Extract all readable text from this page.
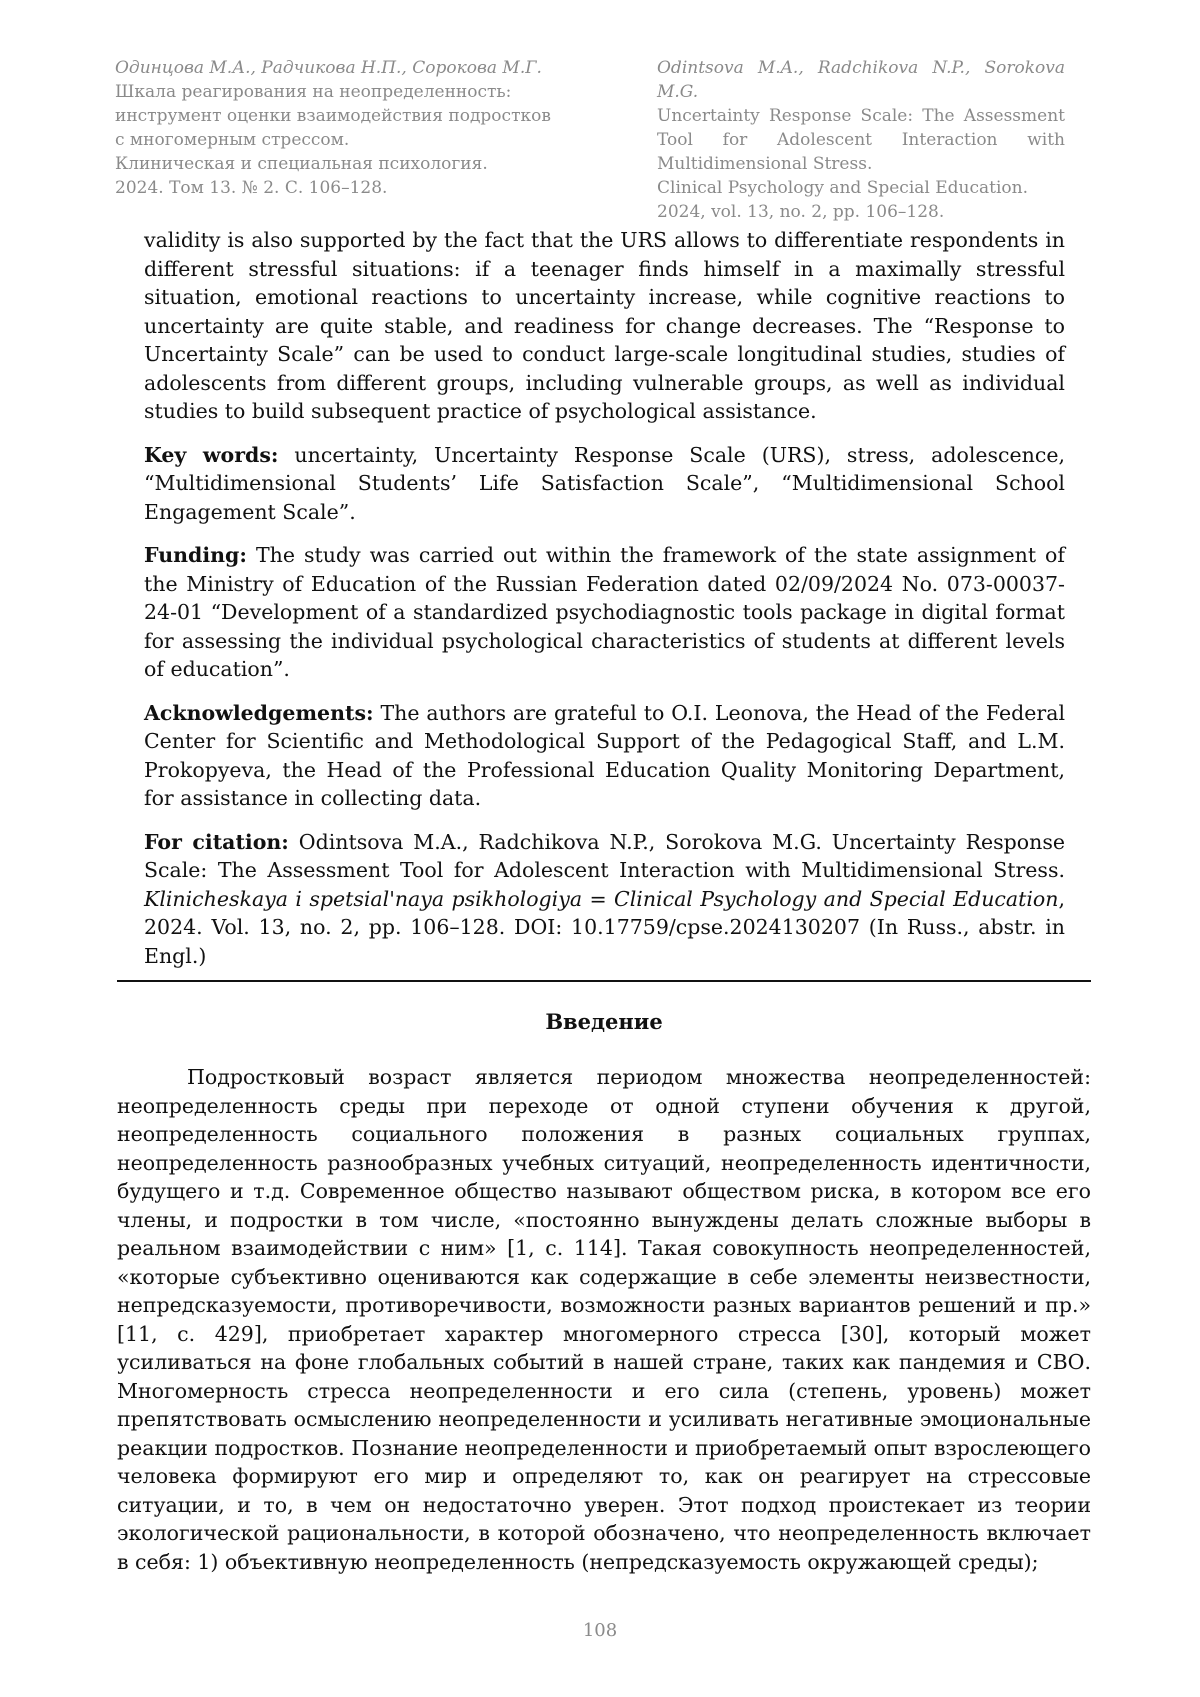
Одинцова М.А., Радчикова Н.П., Сорокова М.Г.
Шкала реагирования на неопределенность:
инструмент оценки взаимодействия подростков
с многомерным стрессом.
Клиническая и специальная психология.
2024. Том 13. № 2. С. 106–128.
Odintsova M.A., Radchikova N.P., Sorokova M.G.
Uncertainty Response Scale: The Assessment Tool for Adolescent Interaction with Multidimensional Stress.
Clinical Psychology and Special Education.
2024, vol. 13, no. 2, pp. 106–128.

validity is also supported by the fact that the URS allows to differentiate respondents in different stressful situations: if a teenager finds himself in a maximally stressful situation, emotional reactions to uncertainty increase, while cognitive reactions to uncertainty are quite stable, and readiness for change decreases. The “Response to Uncertainty Scale” can be used to conduct large-scale longitudinal studies, studies of adolescents from different groups, including vulnerable groups, as well as individual studies to build subsequent practice of psychological assistance.

Key words: uncertainty, Uncertainty Response Scale (URS), stress, adolescence, “Multidimensional Students’ Life Satisfaction Scale”, “Multidimensional School Engagement Scale”.

Funding: The study was carried out within the framework of the state assignment of the Ministry of Education of the Russian Federation dated 02/09/2024 No. 073-00037-24-01 “Development of a standardized psychodiagnostic tools package in digital format for assessing the individual psychological characteristics of students at different levels of education”.

Acknowledgements: The authors are grateful to O.I. Leonova, the Head of the Federal Center for Scientific and Methodological Support of the Pedagogical Staff, and L.M. Prokopyeva, the Head of the Professional Education Quality Monitoring Department, for assistance in collecting data.

For citation: Odintsova M.A., Radchikova N.P., Sorokova M.G. Uncertainty Response Scale: The Assessment Tool for Adolescent Interaction with Multidimensional Stress. Klinicheskaya i spetsial'naya psikhologiya = Clinical Psychology and Special Education, 2024. Vol. 13, no. 2, pp. 106–128. DOI: 10.17759/cpse.2024130207 (In Russ., abstr. in Engl.)

Введение

Подростковый возраст является периодом множества неопределенностей: неопределенность среды при переходе от одной ступени обучения к другой, неопределенность социального положения в разных социальных группах, неопределенность разнообразных учебных ситуаций, неопределенность идентичности, будущего и т.д. Современное общество называют обществом риска, в котором все его члены, и подростки в том числе, «постоянно вынуждены делать сложные выборы в реальном взаимодействии с ним» [1, с. 114]. Такая совокупность неопределенностей, «которые субъективно оцениваются как содержащие в себе элементы неизвестности, непредсказуемости, противоречивости, возможности разных вариантов решений и пр.» [11, с. 429], приобретает характер многомерного стресса [30], который может усиливаться на фоне глобальных событий в нашей стране, таких как пандемия и СВО. Многомерность стресса неопределенности и его сила (степень, уровень) может препятствовать осмыслению неопределенности и усиливать негативные эмоциональные реакции подростков. Познание неопределенности и приобретаемый опыт взрослеющего человека формируют его мир и определяют то, как он реагирует на стрессовые ситуации, и то, в чем он недостаточно уверен. Этот подход проистекает из теории экологической рациональности, в которой обозначено, что неопределенность включает в себя: 1) объективную неопределенность (непредсказуемость окружающей среды);

108
